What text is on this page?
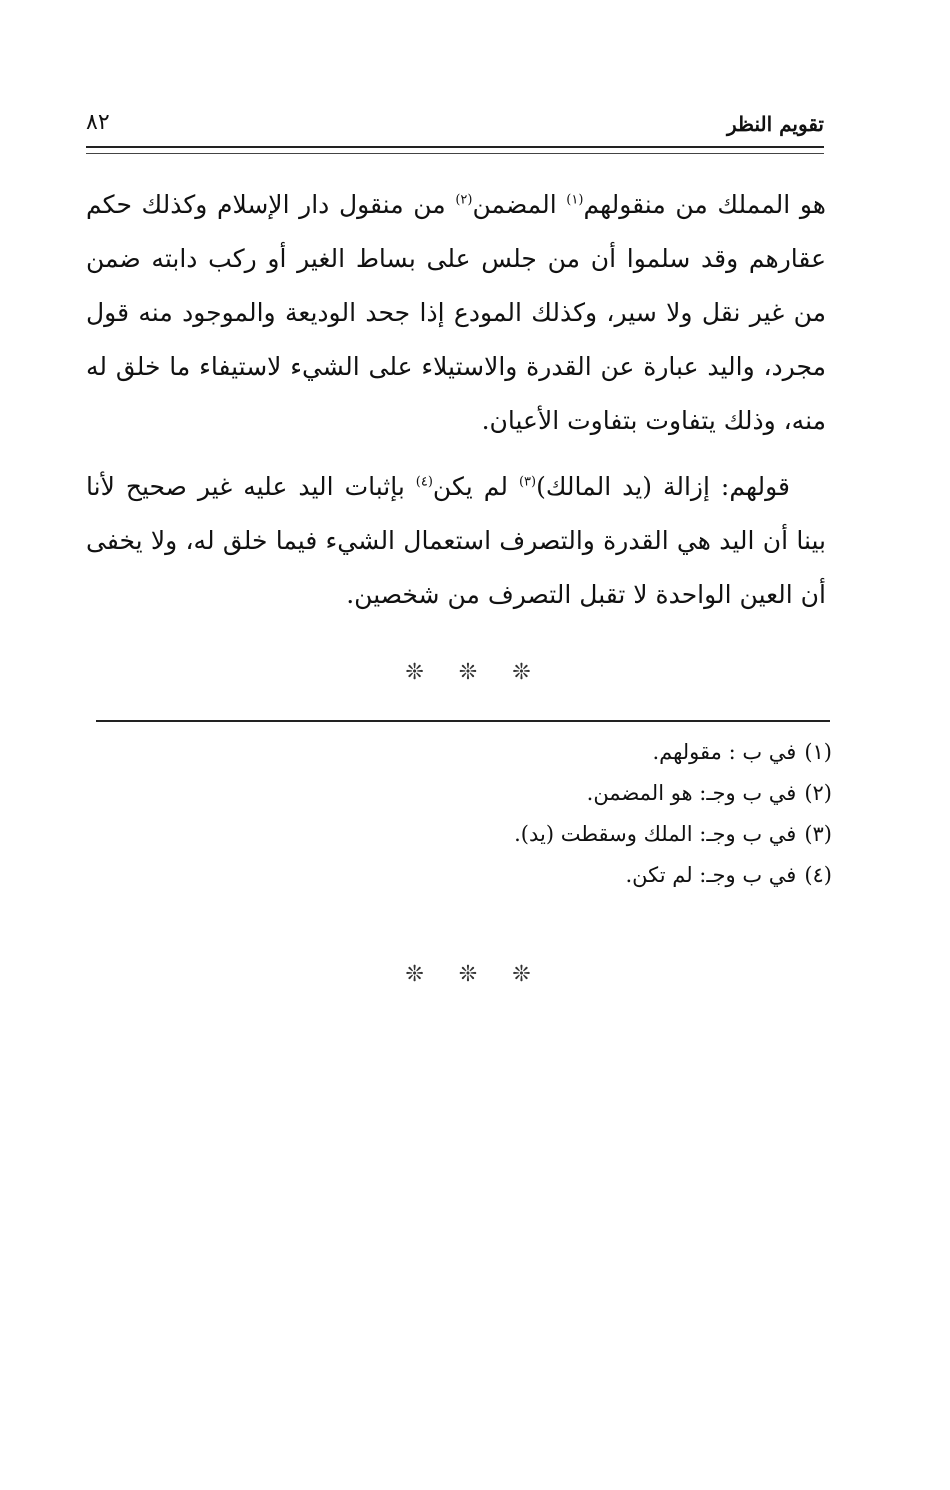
٨٢	تقويم النظر

هو المملك من منقولهم$^{(١)}$ المضمن$^{(٢)}$ من منقول دار الإسلام وكذلك حكم عقارهم وقد سلموا أن من جلس على بساط الغير أو ركب دابته ضمن من غير نقل ولا سير، وكذلك المودع إذا جحد الوديعة والموجود منه قول مجرد، واليد عبارة عن القدرة والاستيلاء على الشيء لاستيفاء ما خلق له منه، وذلك يتفاوت بتفاوت الأعيان.

قولهم: إزالة (يد المالك)$^{(٣)}$ لم يكن$^{(٤)}$ بإثبات اليد عليه غير صحيح لأنا بينا أن اليد هي القدرة والتصرف استعمال الشيء فيما خلق له، ولا يخفى أن العين الواحدة لا تقبل التصرف من شخصين.

❊ ❊ ❊
(١)في ب : مقولهم.
(٢)في ب وجـ: هو المضمن.
(٣)في ب وجـ: الملك وسقطت (يد).
(٤)في ب وجـ: لم تكن.
❊ ❊ ❊
